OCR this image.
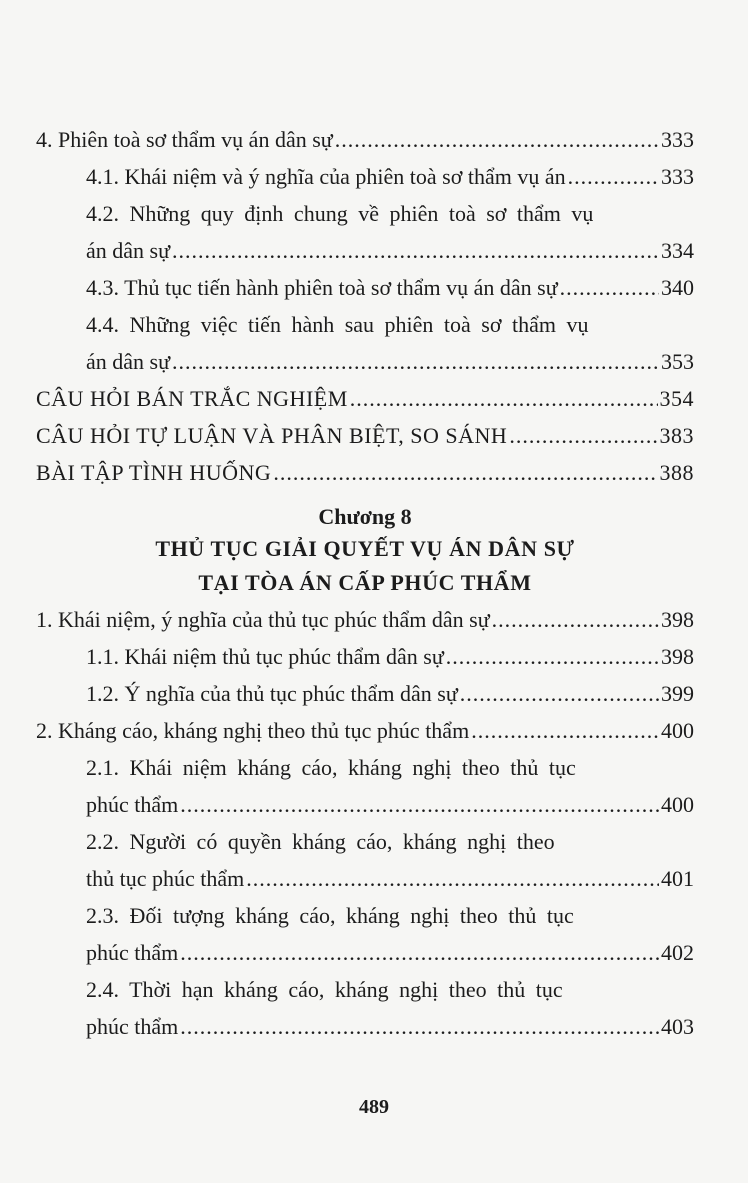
4. Phiên toà sơ thẩm vụ án dân sự .....	333
4.1. Khái niệm và ý nghĩa của phiên toà sơ thẩm vụ án .....	333
4.2. Những quy định chung về phiên toà sơ thẩm vụ
án dân sự .....	334
4.3. Thủ tục tiến hành phiên toà sơ thẩm vụ án dân sự .....	340
4.4. Những việc tiến hành sau phiên toà sơ thẩm vụ
án dân sự .....	353
CÂU HỎI BÁN TRẮC NGHIỆM .....	354
CÂU HỎI TỰ LUẬN VÀ PHÂN BIỆT, SO SÁNH .....	383
BÀI TẬP TÌNH HUỐNG .....	388
Chương 8
THỦ TỤC GIẢI QUYẾT VỤ ÁN DÂN SỰ
TẠI TÒA ÁN CẤP PHÚC THẨM
1. Khái niệm, ý nghĩa của thủ tục phúc thẩm dân sự .....	398
1.1. Khái niệm thủ tục phúc thẩm dân sự .....	398
1.2. Ý nghĩa của thủ tục phúc thẩm dân sự .....	399
2. Kháng cáo, kháng nghị theo thủ tục phúc thẩm .....	400
2.1. Khái niệm kháng cáo, kháng nghị theo thủ tục
phúc thẩm .....	400
2.2. Người có quyền kháng cáo, kháng nghị theo
thủ tục phúc thẩm .....	401
2.3. Đối tượng kháng cáo, kháng nghị theo thủ tục
phúc thẩm .....	402
2.4. Thời hạn kháng cáo, kháng nghị theo thủ tục
phúc thẩm .....	403
489
